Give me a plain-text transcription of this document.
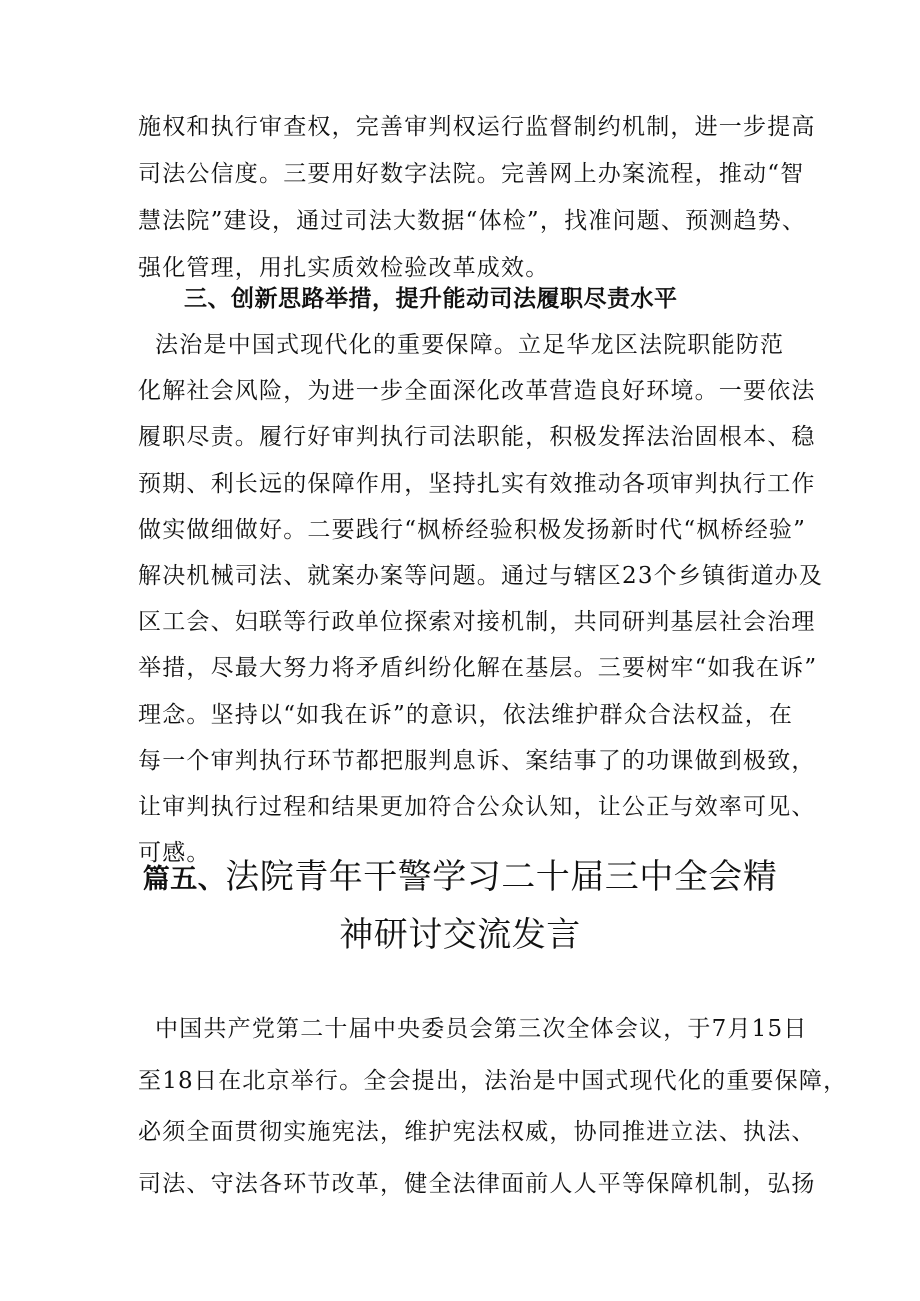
施权和执行审查权，完善审判权运行监督制约机制，进一步提高
司法公信度。三要用好数字法院。完善网上办案流程，推动“智
慧法院”建设，通过司法大数据“体检”，找准问题、预测趋势、
强化管理，用扎实质效检验改革成效。
三、创新思路举措，提升能动司法履职尽责水平
法治是中国式现代化的重要保障。立足华龙区法院职能防范
化解社会风险，为进一步全面深化改革营造良好环境。一要依法
履职尽责。履行好审判执行司法职能，积极发挥法治固根本、稳
预期、利长远的保障作用，坚持扎实有效推动各项审判执行工作
做实做细做好。二要践行“枫桥经验积极发扬新时代“枫桥经验”
解决机械司法、就案办案等问题。通过与辖区23个乡镇街道办及
区工会、妇联等行政单位探索对接机制，共同研判基层社会治理
举措，尽最大努力将矛盾纠纷化解在基层。三要树牢“如我在诉”
理念。坚持以“如我在诉”的意识，依法维护群众合法权益，在
每一个审判执行环节都把服判息诉、案结事了的功课做到极致，
让审判执行过程和结果更加符合公众认知，让公正与效率可见、
可感。
篇五、法院青年干警学习二十届三中全会精
神研讨交流发言
中国共产党第二十届中央委员会第三次全体会议，于7月15日
至18日在北京举行。全会提出，法治是中国式现代化的重要保障，
必须全面贯彻实施宪法，维护宪法权威，协同推进立法、执法、
司法、守法各环节改革，健全法律面前人人平等保障机制，弘扬
